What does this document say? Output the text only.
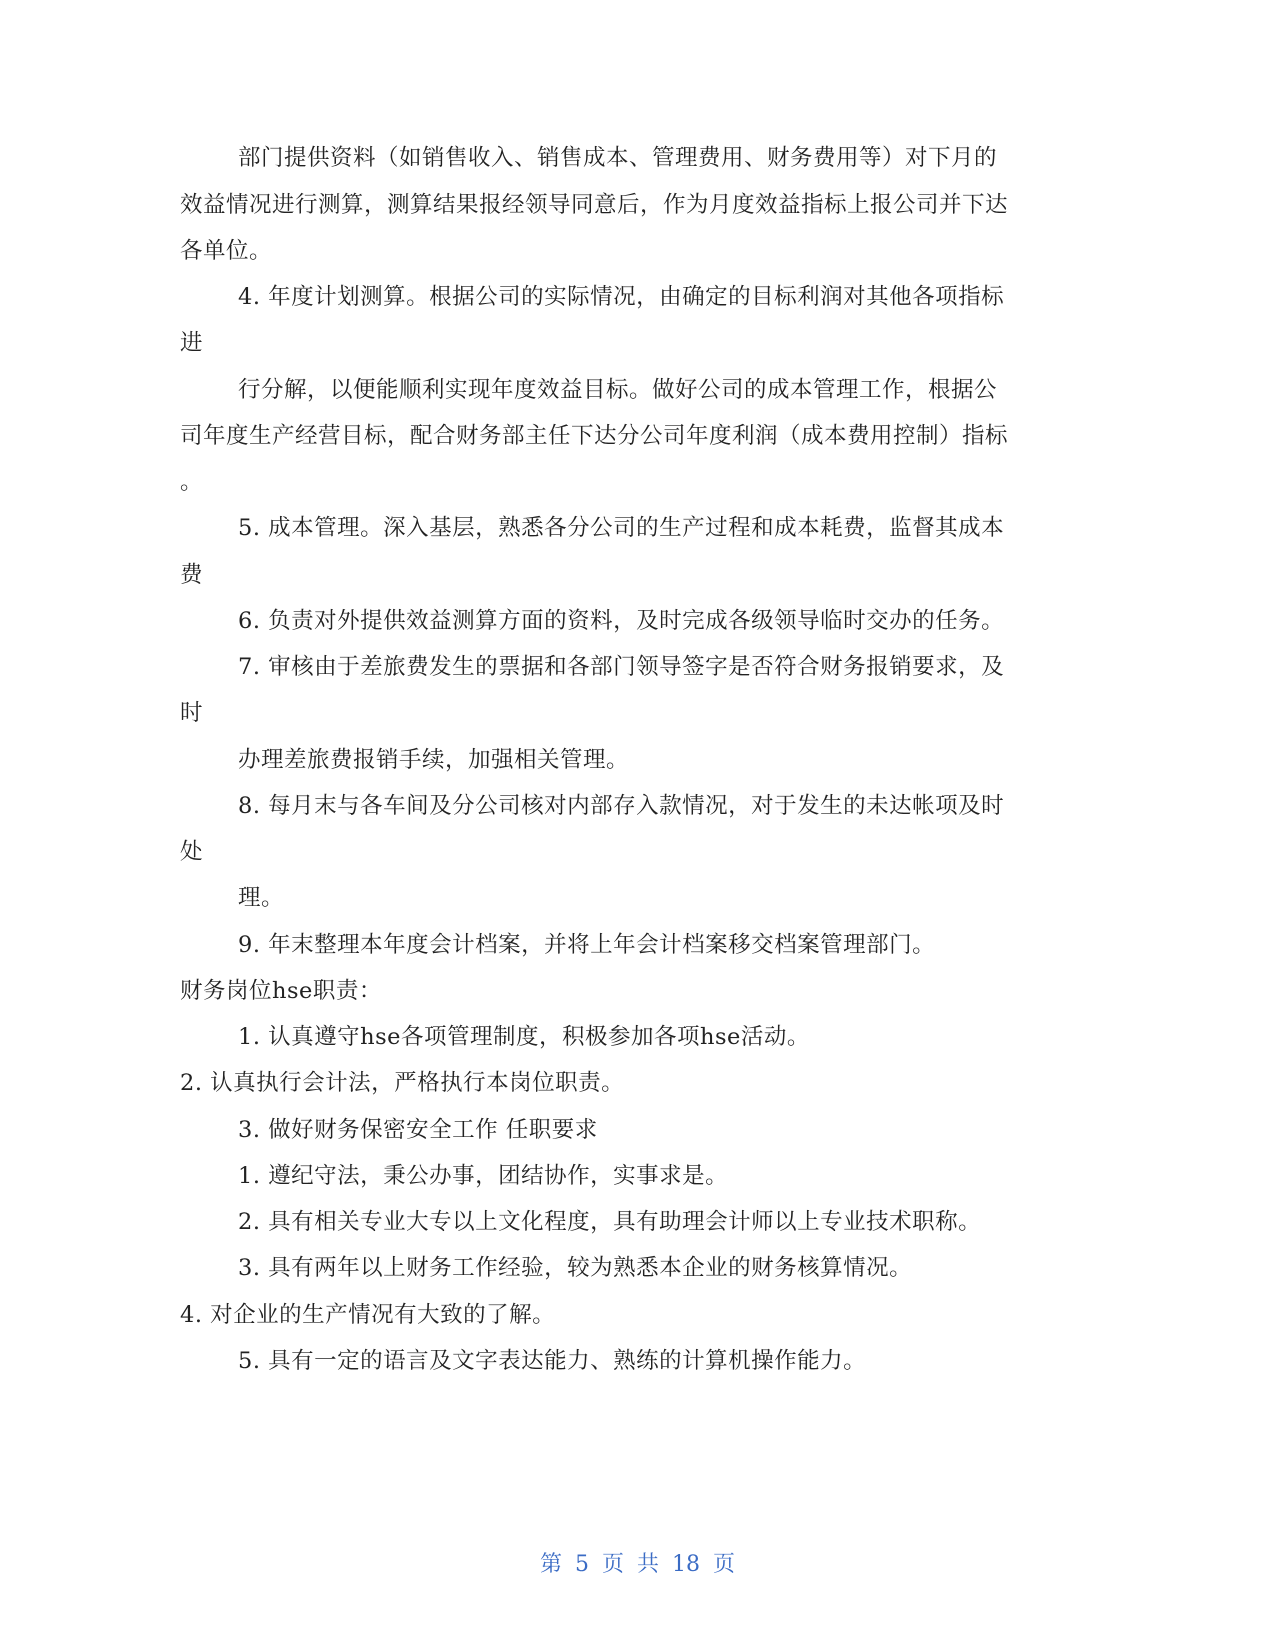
部门提供资料（如销售收入、销售成本、管理费用、财务费用等）对下月的
效益情况进行测算，测算结果报经领导同意后，作为月度效益指标上报公司并下达
各单位。
4. 年度计划测算。根据公司的实际情况，由确定的目标利润对其他各项指标
进
行分解，以便能顺利实现年度效益目标。做好公司的成本管理工作，根据公
司年度生产经营目标，配合财务部主任下达分公司年度利润（成本费用控制）指标
。
5. 成本管理。深入基层，熟悉各分公司的生产过程和成本耗费，监督其成本
费
6. 负责对外提供效益测算方面的资料，及时完成各级领导临时交办的任务。
7. 审核由于差旅费发生的票据和各部门领导签字是否符合财务报销要求，及
时
办理差旅费报销手续，加强相关管理。
8. 每月末与各车间及分公司核对内部存入款情况，对于发生的未达帐项及时
处
理。
9. 年末整理本年度会计档案，并将上年会计档案移交档案管理部门。
财务岗位hse职责：
1. 认真遵守hse各项管理制度，积极参加各项hse活动。
2. 认真执行会计法，严格执行本岗位职责。
3. 做好财务保密安全工作 任职要求
1. 遵纪守法，秉公办事，团结协作，实事求是。
2. 具有相关专业大专以上文化程度，具有助理会计师以上专业技术职称。
3. 具有两年以上财务工作经验，较为熟悉本企业的财务核算情况。
4. 对企业的生产情况有大致的了解。
5. 具有一定的语言及文字表达能力、熟练的计算机操作能力。
第 5 页 共 18 页
